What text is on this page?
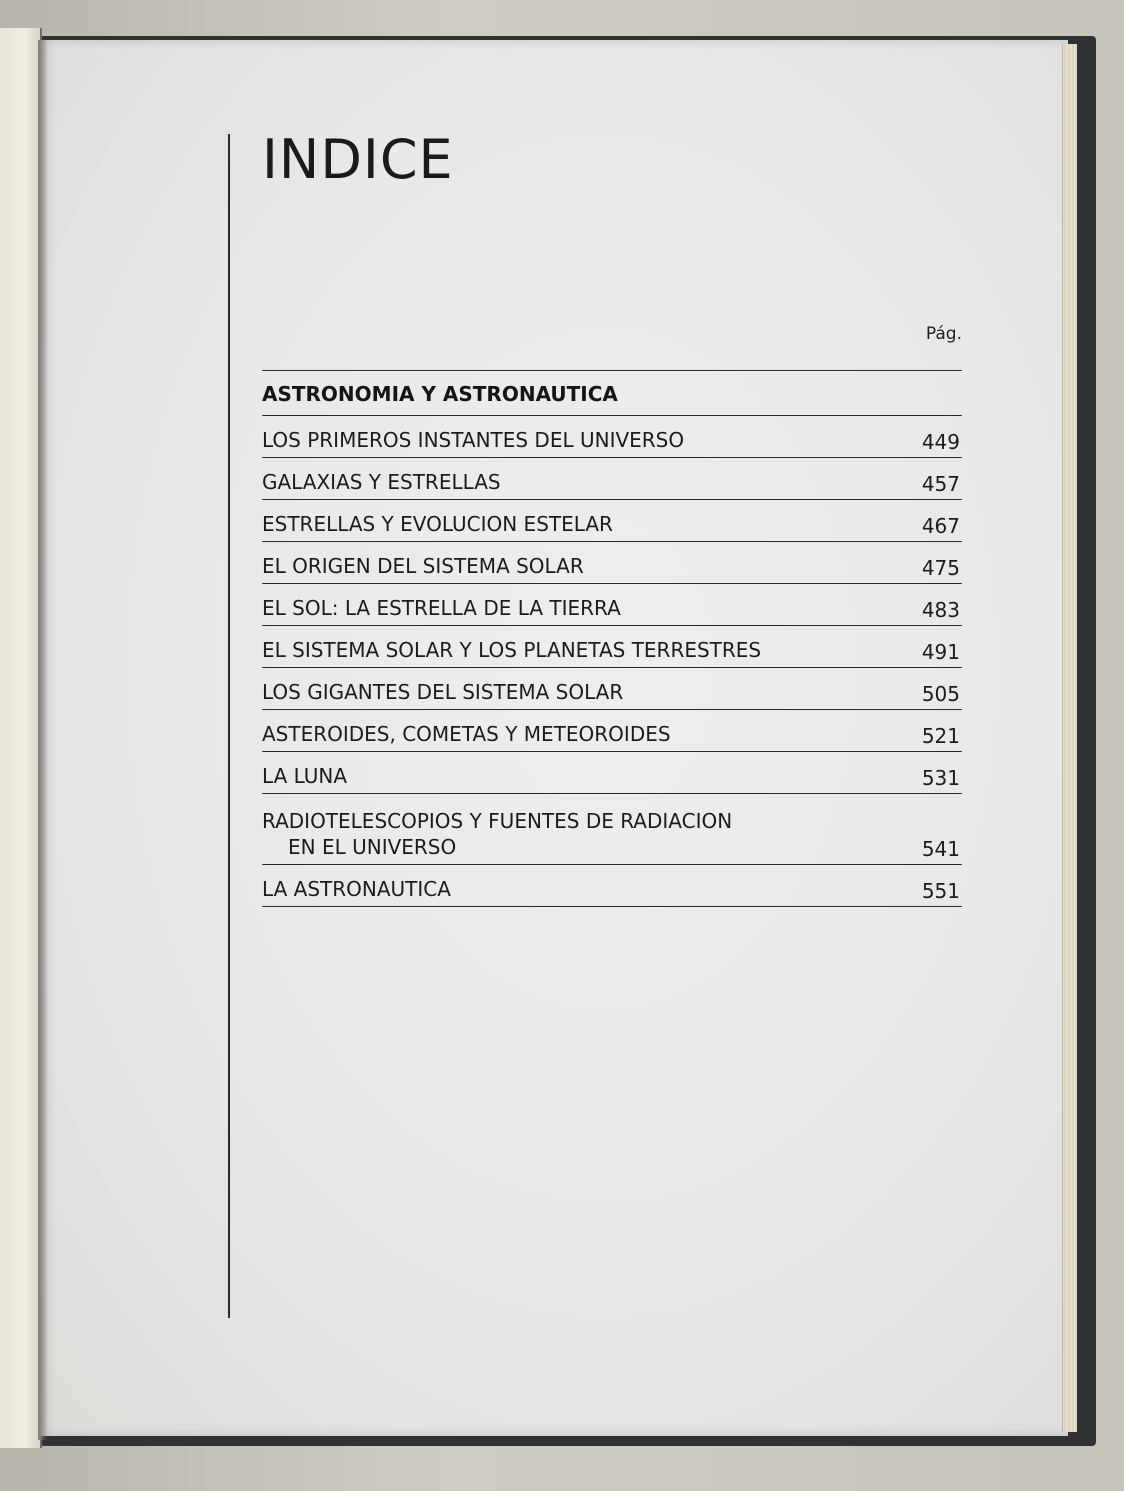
INDICE
Pág.
ASTRONOMIA Y ASTRONAUTICA
LOS PRIMEROS INSTANTES DEL UNIVERSO	449
GALAXIAS Y ESTRELLAS	457
ESTRELLAS Y EVOLUCION ESTELAR	467
EL ORIGEN DEL SISTEMA SOLAR	475
EL SOL: LA ESTRELLA DE LA TIERRA	483
EL SISTEMA SOLAR Y LOS PLANETAS TERRESTRES	491
LOS GIGANTES DEL SISTEMA SOLAR	505
ASTEROIDES, COMETAS Y METEOROIDES	521
LA LUNA	531
RADIOTELESCOPIOS Y FUENTES DE RADIACION
EN EL UNIVERSO	541
LA ASTRONAUTICA	551
